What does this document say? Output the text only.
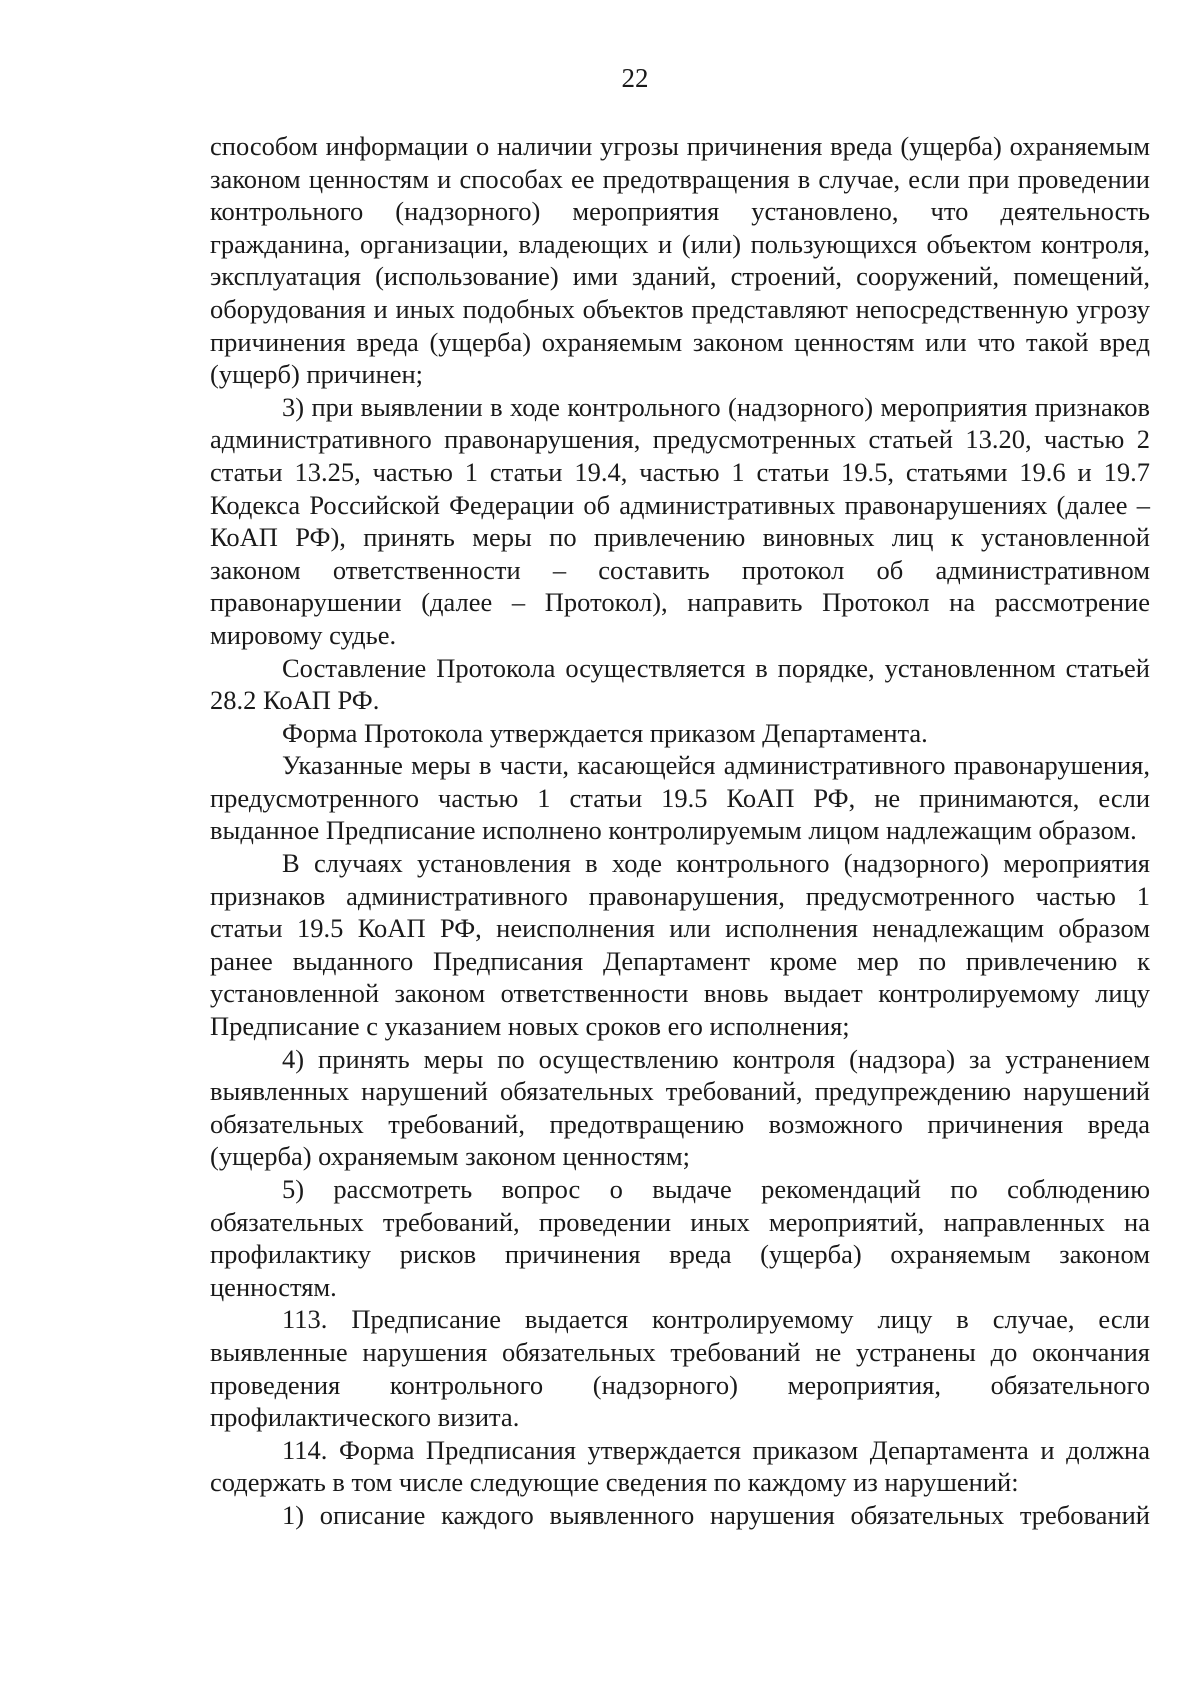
22

способом информации о наличии угрозы причинения вреда (ущерба) охраняемым законом ценностям и способах ее предотвращения в случае, если при проведении контрольного (надзорного) мероприятия установлено, что деятельность гражданина, организации, владеющих и (или) пользующихся объектом контроля, эксплуатация (использование) ими зданий, строений, сооружений, помещений, оборудования и иных подобных объектов представляют непосредственную угрозу причинения вреда (ущерба) охраняемым законом ценностям или что такой вред (ущерб) причинен;

3) при выявлении в ходе контрольного (надзорного) мероприятия признаков административного правонарушения, предусмотренных статьей 13.20, частью 2 статьи 13.25, частью 1 статьи 19.4, частью 1 статьи 19.5, статьями 19.6 и 19.7 Кодекса Российской Федерации об административных правонарушениях (далее – КоАП РФ), принять меры по привлечению виновных лиц к установленной законом ответственности – составить протокол об административном правонарушении (далее – Протокол), направить Протокол на рассмотрение мировому судье.

Составление Протокола осуществляется в порядке, установленном статьей 28.2 КоАП РФ.

Форма Протокола утверждается приказом Департамента.

Указанные меры в части, касающейся административного правонарушения, предусмотренного частью 1 статьи 19.5 КоАП РФ, не принимаются, если выданное Предписание исполнено контролируемым лицом надлежащим образом.

В случаях установления в ходе контрольного (надзорного) мероприятия признаков административного правонарушения, предусмотренного частью 1 статьи 19.5 КоАП РФ, неисполнения или исполнения ненадлежащим образом ранее выданного Предписания Департамент кроме мер по привлечению к установленной законом ответственности вновь выдает контролируемому лицу Предписание с указанием новых сроков его исполнения;

4) принять меры по осуществлению контроля (надзора) за устранением выявленных нарушений обязательных требований, предупреждению нарушений обязательных требований, предотвращению возможного причинения вреда (ущерба) охраняемым законом ценностям;

5) рассмотреть вопрос о выдаче рекомендаций по соблюдению обязательных требований, проведении иных мероприятий, направленных на профилактику рисков причинения вреда (ущерба) охраняемым законом ценностям.

113. Предписание выдается контролируемому лицу в случае, если выявленные нарушения обязательных требований не устранены до окончания проведения контрольного (надзорного) мероприятия, обязательного профилактического визита.

114. Форма Предписания утверждается приказом Департамента и должна содержать в том числе следующие сведения по каждому из нарушений:

1) описание каждого выявленного нарушения обязательных требований
